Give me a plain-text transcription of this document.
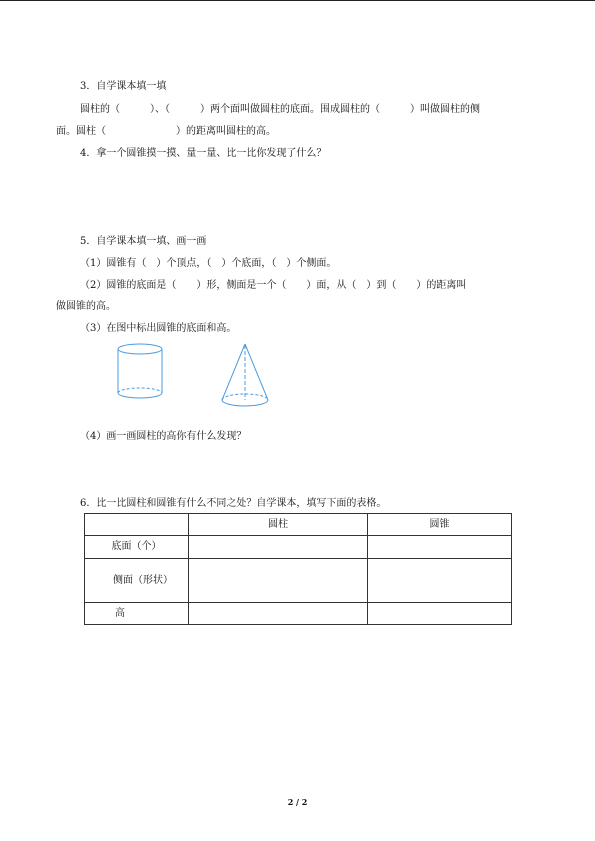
3．自学课本填一填
圆柱的（　　　）、（　　　）两个面叫做圆柱的底面。围成圆柱的（　　　）叫做圆柱的侧
面。圆柱（　　　　　　　）的距离叫圆柱的高。
4．拿一个圆锥摸一摸、量一量、比一比你发现了什么？
5．自学课本填一填、画一画
（1）圆锥有（　）个顶点，（　）个底面，（　）个侧面。
（2）圆锥的底面是（　　）形，侧面是一个（　　）面，从（　）到（　　）的距离叫
做圆锥的高。
（3）在图中标出圆锥的底面和高。
（4）画一画圆柱的高你有什么发现？
6．比一比圆柱和圆锥有什么不同之处？自学课本，填写下面的表格。
	圆柱	圆锥
底面（个）		

侧面（形状）		

高		
2 / 2
